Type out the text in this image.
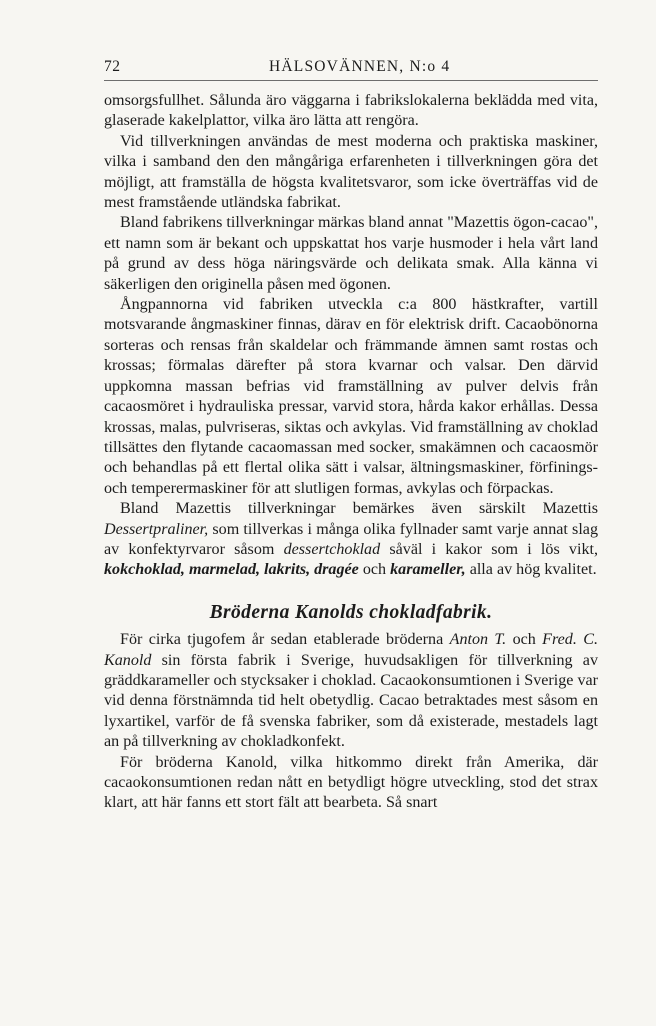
72	HÄLSOVÄNNEN, N:o 4

omsorgsfullhet. Sålunda äro väggarna i fabrikslokalerna beklädda med vita, glaserade kakelplattor, vilka äro lätta att rengöra.

Vid tillverkningen användas de mest moderna och praktiska maskiner, vilka i samband den den mångåriga erfarenheten i tillverkningen göra det möjligt, att framställa de högsta kvalitetsvaror, som icke överträffas vid de mest framstående utländska fabrikat.

Bland fabrikens tillverkningar märkas bland annat "Mazettis ögon-cacao", ett namn som är bekant och uppskattat hos varje husmoder i hela vårt land på grund av dess höga näringsvärde och delikata smak. Alla känna vi säkerligen den originella påsen med ögonen.

Ångpannorna vid fabriken utveckla c:a 800 hästkrafter, vartill motsvarande ångmaskiner finnas, därav en för elektrisk drift. Cacaobönorna sorteras och rensas från skaldelar och främmande ämnen samt rostas och krossas; förmalas därefter på stora kvarnar och valsar. Den därvid uppkomna massan befrias vid framställning av pulver delvis från cacaosmöret i hydrauliska pressar, varvid stora, hårda kakor erhållas. Dessa krossas, malas, pulvriseras, siktas och avkylas. Vid framställning av choklad tillsättes den flytande cacaomassan med socker, smakämnen och cacaosmör och behandlas på ett flertal olika sätt i valsar, ältningsmaskiner, förfinings- och temperermaskiner för att slutligen formas, avkylas och förpackas.

Bland Mazettis tillverkningar bemärkes även särskilt Mazettis Dessertpraliner, som tillverkas i många olika fyllnader samt varje annat slag av konfektyrvaror såsom dessertchoklad såväl i kakor som i lös vikt, kokchoklad, marmelad, lakrits, dragée och karameller, alla av hög kvalitet.

Bröderna Kanolds chokladfabrik.

För cirka tjugofem år sedan etablerade bröderna Anton T. och Fred. C. Kanold sin första fabrik i Sverige, huvudsakligen för tillverkning av gräddkarameller och stycksaker i choklad. Cacaokonsumtionen i Sverige var vid denna förstnämnda tid helt obetydlig. Cacao betraktades mest såsom en lyxartikel, varför de få svenska fabriker, som då existerade, mestadels lagt an på tillverkning av chokladkonfekt.

För bröderna Kanold, vilka hitkommo direkt från Amerika, där cacaokonsumtionen redan nått en betydligt högre utveckling, stod det strax klart, att här fanns ett stort fält att bearbeta. Så snart
